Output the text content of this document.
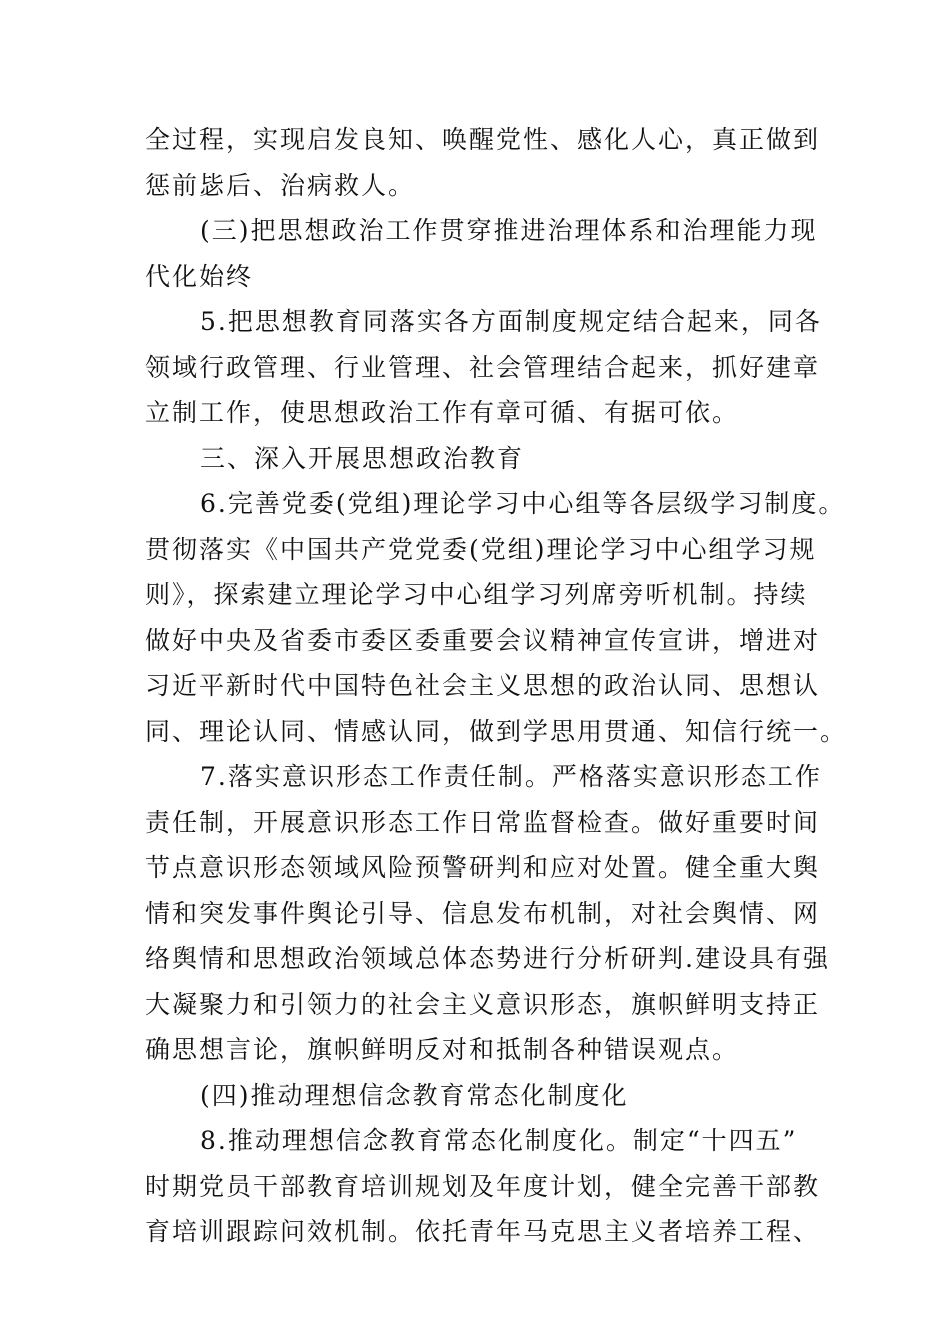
全过程，实现启发良知、唤醒党性、感化人心，真正做到
惩前毖后、治病救人。
(三)把思想政治工作贯穿推进治理体系和治理能力现
代化始终
5.把思想教育同落实各方面制度规定结合起来，同各
领域行政管理、行业管理、社会管理结合起来，抓好建章
立制工作，使思想政治工作有章可循、有据可依。
三、深入开展思想政治教育
6.完善党委(党组)理论学习中心组等各层级学习制度。
贯彻落实《中国共产党党委(党组)理论学习中心组学习规
则》，探索建立理论学习中心组学习列席旁听机制。持续
做好中央及省委市委区委重要会议精神宣传宣讲，增进对
习近平新时代中国特色社会主义思想的政治认同、思想认
同、理论认同、情感认同，做到学思用贯通、知信行统一。
7.落实意识形态工作责任制。严格落实意识形态工作
责任制，开展意识形态工作日常监督检查。做好重要时间
节点意识形态领域风险预警研判和应对处置。健全重大舆
情和突发事件舆论引导、信息发布机制，对社会舆情、网
络舆情和思想政治领域总体态势进行分析研判.建设具有强
大凝聚力和引领力的社会主义意识形态，旗帜鲜明支持正
确思想言论，旗帜鲜明反对和抵制各种错误观点。
(四)推动理想信念教育常态化制度化
8.推动理想信念教育常态化制度化。制定“十四五”
时期党员干部教育培训规划及年度计划，健全完善干部教
育培训跟踪问效机制。依托青年马克思主义者培养工程、
